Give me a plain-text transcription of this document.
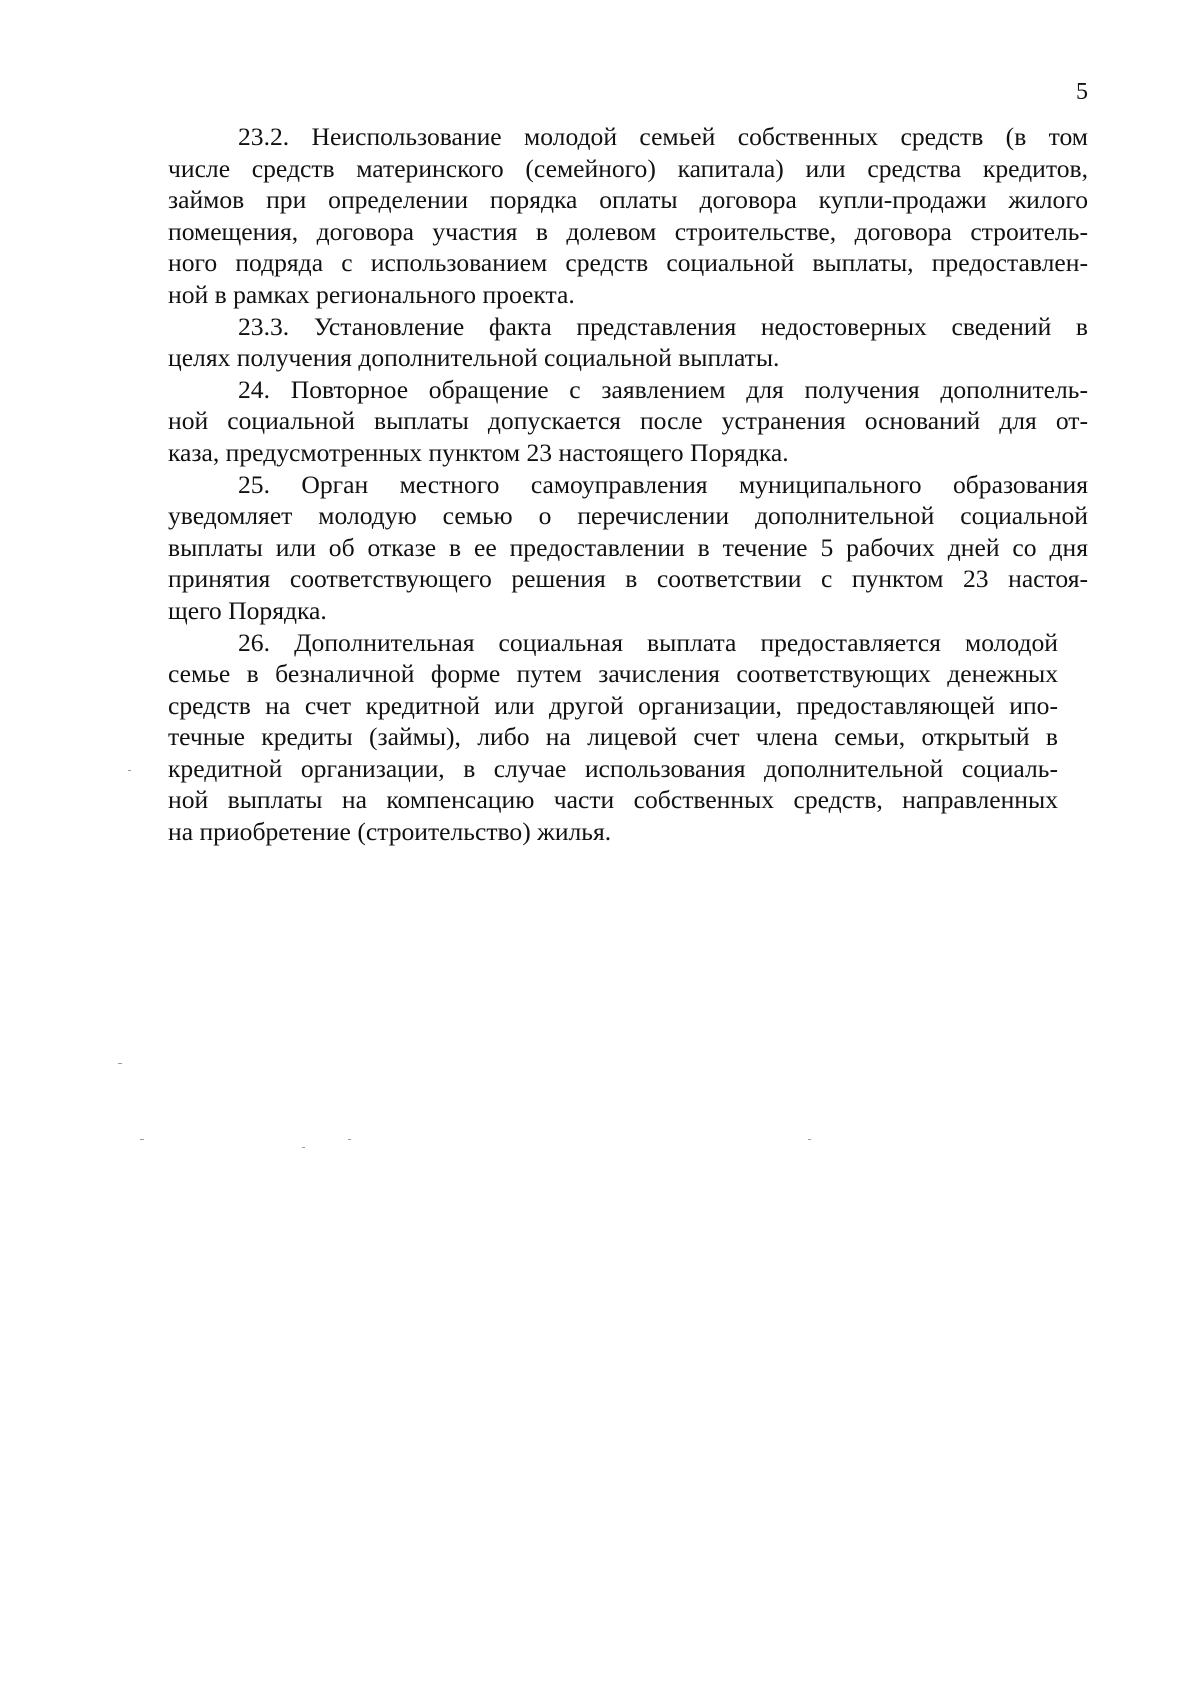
5
23.2. Неиспользование молодой семьей собственных средств (в том
числе средств материнского (семейного) капитала) или средства кредитов,
займов при определении порядка оплаты договора купли-продажи жилого
помещения, договора участия в долевом строительстве, договора строитель-
ного подряда с использованием средств социальной выплаты, предоставлен-
ной в рамках регионального проекта.
23.3. Установление факта представления недостоверных сведений в
целях получения дополнительной социальной выплаты.
24. Повторное обращение с заявлением для получения дополнитель-
ной социальной выплаты допускается после устранения оснований для от-
каза, предусмотренных пунктом 23 настоящего Порядка.
25. Орган местного самоуправления муниципального образования
уведомляет молодую семью о перечислении дополнительной социальной
выплаты или об отказе в ее предоставлении в течение 5 рабочих дней со дня
принятия соответствующего решения в соответствии с пунктом 23 настоя-
щего Порядка.
26. Дополнительная социальная выплата предоставляется молодой
семье в безналичной форме путем зачисления соответствующих денежных
средств на счет кредитной или другой организации, предоставляющей ипо-
течные кредиты (займы), либо на лицевой счет члена семьи, открытый в
кредитной организации, в случае использования дополнительной социаль-
ной выплаты на компенсацию части собственных средств, направленных
на приобретение (строительство) жилья.
